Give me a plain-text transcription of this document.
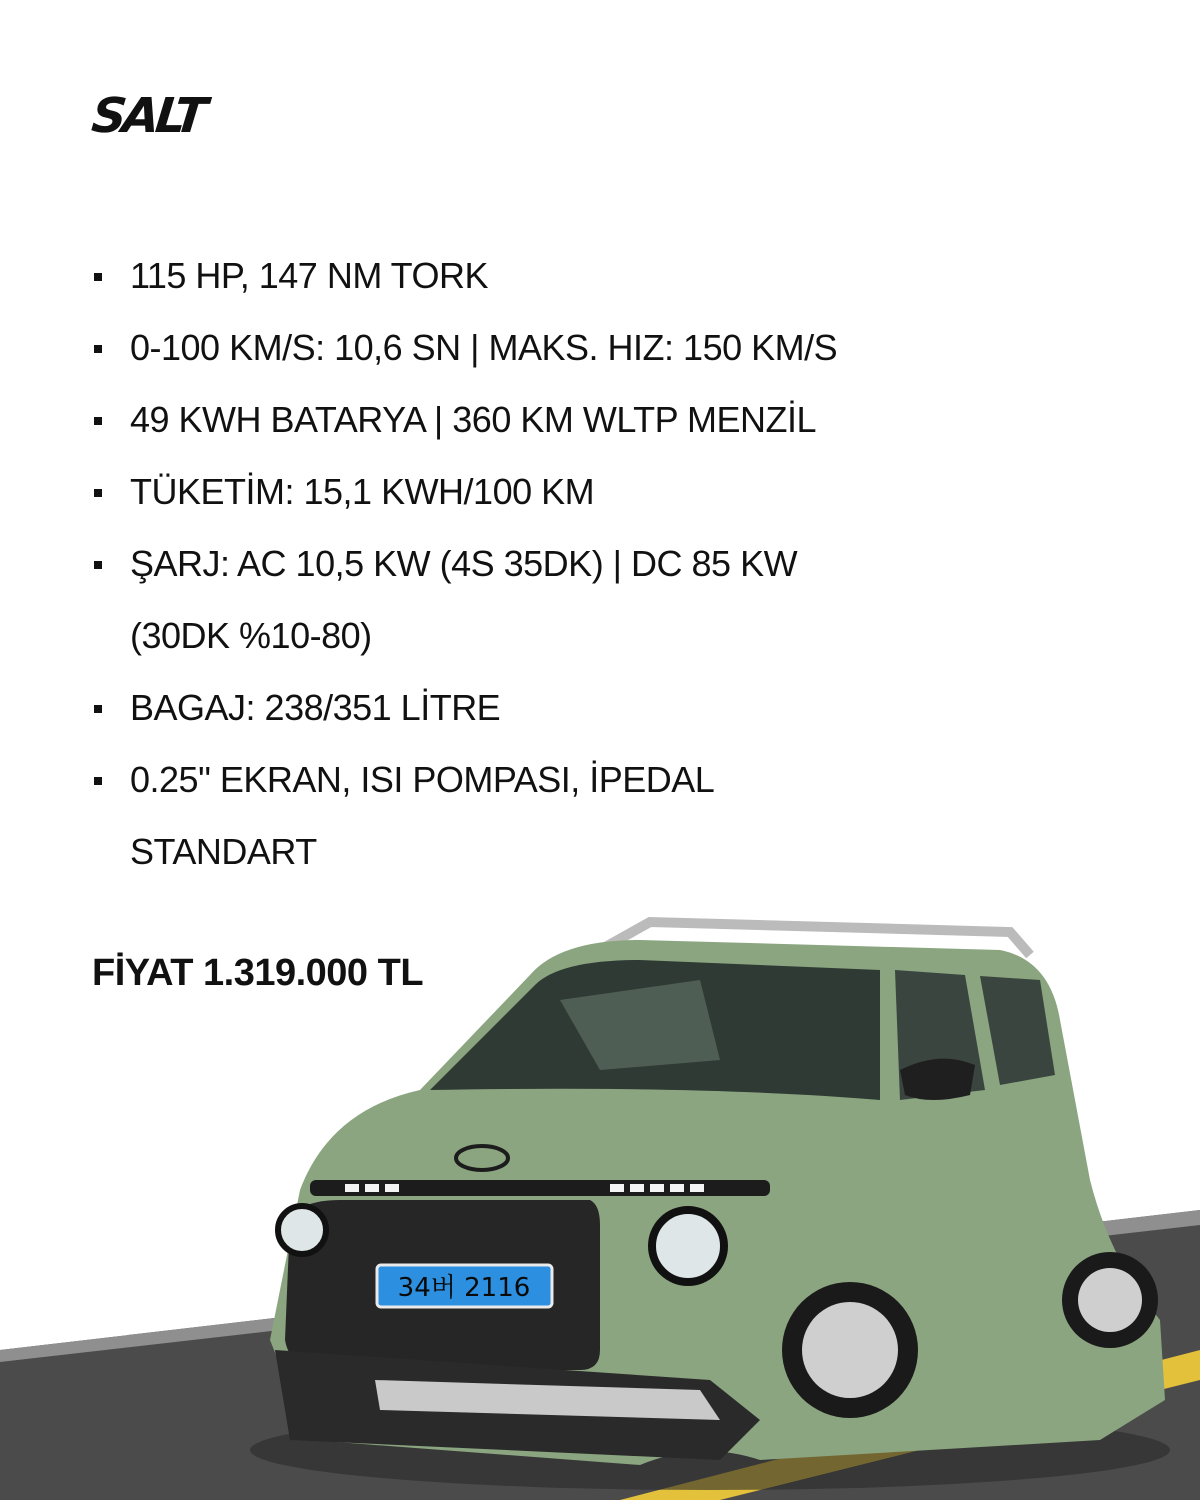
SALT
115 HP, 147 NM TORK
0-100 KM/S: 10,6 SN | MAKS. HIZ: 150 KM/S
49 KWH BATARYA | 360 KM WLTP MENZİL
TÜKETİM: 15,1 KWH/100 KM
ŞARJ: AC 10,5 KW (4S 35DK) | DC 85 KW
(30DK %10-80)
BAGAJ: 238/351 LİTRE
0.25" EKRAN, ISI POMPASI, İPEDAL
STANDART
FİYAT 1.319.000 TL
34버 2116
